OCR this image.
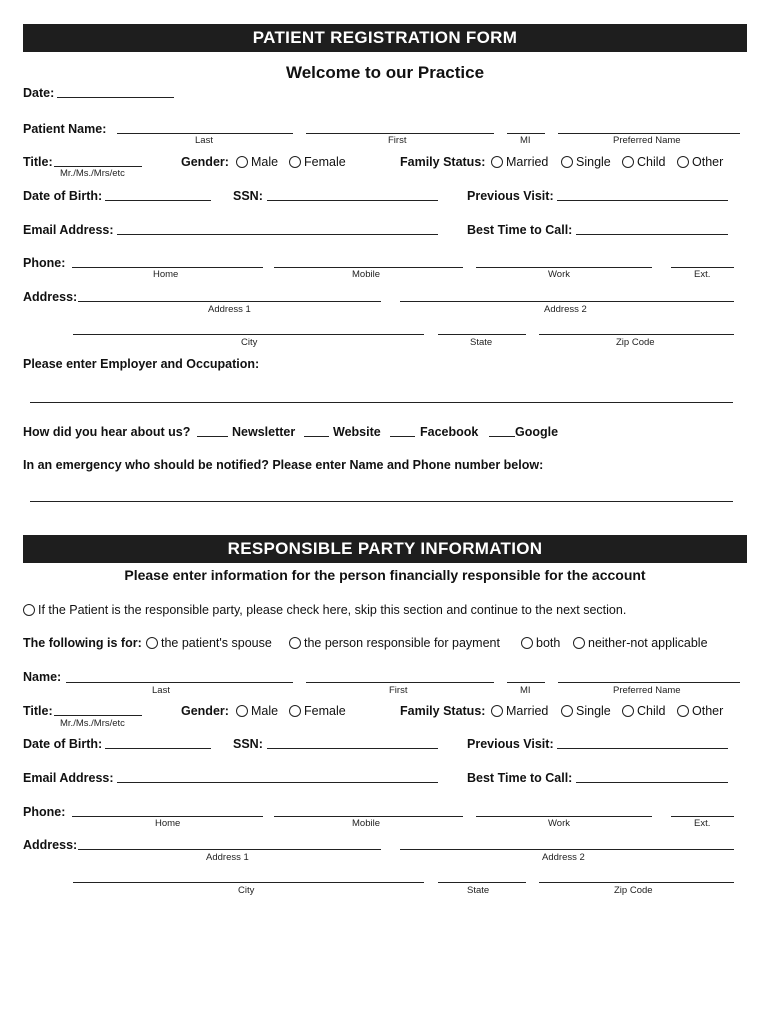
PATIENT REGISTRATION FORM
Welcome to our Practice
Date:
Patient Name:
Last	First	MI	Preferred Name
Title:
Mr./Ms./Mrs/etc
Gender:	Male	Female	Family Status:	Married	Single	Child	Other
Date of Birth:	SSN:	Previous Visit:
Email Address:	Best Time to Call:
Phone:
Home	Mobile	Work	Ext.
Address:
Address 1	Address 2
City	State	Zip Code
Please enter Employer and Occupation:
How did you hear about us?	Newsletter	Website	Facebook	Google
In an emergency who should be notified? Please enter Name and Phone number below:
RESPONSIBLE PARTY INFORMATION
Please enter information for the person financially responsible for the account
If the Patient is the responsible party, please check here, skip this section and continue to the next section.
The following is for:	the patient's spouse	the person responsible for payment	both	neither-not applicable
Name:
Last	First	MI	Preferred Name
Title:
Mr./Ms./Mrs/etc
Gender:	Male	Female	Family Status:	Married	Single	Child	Other
Date of Birth:	SSN:	Previous Visit:
Email Address:	Best Time to Call:
Phone:
Home	Mobile	Work	Ext.
Address:
Address 1	Address 2
City	State	Zip Code
